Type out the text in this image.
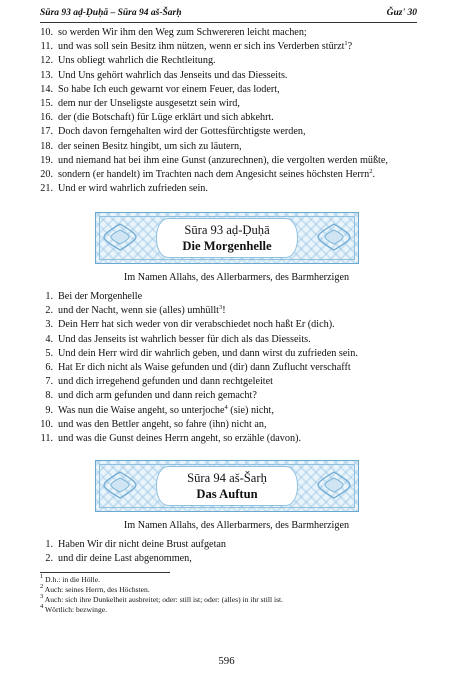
Sūra 93 aḍ-Ḍuḥā – Sūra 94 aš-Šarḥ	Ǧuz' 30
10. so werden Wir ihm den Weg zum Schwereren leicht machen;
11. und was soll sein Besitz ihm nützen, wenn er sich ins Verderben stürzt$^1$?
12. Uns obliegt wahrlich die Rechtleitung.
13. Und Uns gehört wahrlich das Jenseits und das Diesseits.
14. So habe Ich euch gewarnt vor einem Feuer, das lodert,
15. dem nur der Unseligste ausgesetzt sein wird,
16. der (die Botschaft) für Lüge erklärt und sich abkehrt.
17. Doch davon ferngehalten wird der Gottesfürchtigste werden,
18. der seinen Besitz hingibt, um sich zu läutern,
19. und niemand hat bei ihm eine Gunst (anzurechnen), die vergolten werden müßte,
20. sondern (er handelt) im Trachten nach dem Angesicht seines höchsten Herrn$^2$.
21. Und er wird wahrlich zufrieden sein.
Sūra 93 aḍ-Ḍuḥā
Die Morgenhelle
Im Namen Allahs, des Allerbarmers, des Barmherzigen
1. Bei der Morgenhelle
2. und der Nacht, wenn sie (alles) umhüllt$^3$!
3. Dein Herr hat sich weder von dir verabschiedet noch haßt Er (dich).
4. Und das Jenseits ist wahrlich besser für dich als das Diesseits.
5. Und dein Herr wird dir wahrlich geben, und dann wirst du zufrieden sein.
6. Hat Er dich nicht als Waise gefunden und (dir) dann Zuflucht verschafft
7. und dich irregehend gefunden und dann rechtgeleitet
8. und dich arm gefunden und dann reich gemacht?
9. Was nun die Waise angeht, so unterjoche$^4$ (sie) nicht,
10. und was den Bettler angeht, so fahre (ihn) nicht an,
11. und was die Gunst deines Herrn angeht, so erzähle (davon).
Sūra 94 aš-Šarḥ
Das Auftun
Im Namen Allahs, des Allerbarmers, des Barmherzigen
1. Haben Wir dir nicht deine Brust aufgetan
2. und dir deine Last abgenommen,
$^1$ D.h.: in die Hölle.
$^2$ Auch: seines Herrn, des Höchsten.
$^3$ Auch: sich ihre Dunkelheit ausbreitet; oder: still ist; oder: (alles) in ihr still ist.
$^4$ Wörtlich: bezwinge.
596
